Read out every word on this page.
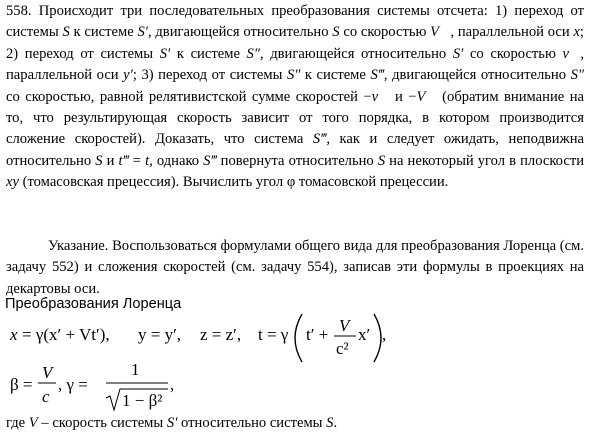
558. Происходит три последовательных преобразования системы отсчета: 1) переход от системы S к системе S′, двигающейся относительно S со скоростью V⃗, параллельной оси x; 2) переход от системы S′ к системе S″, двигающейся относительно S′ со скоростью v⃗, параллельной оси y′; 3) переход от системы S″ к системе S‴, двигающейся относительно S″ со скоростью, равной релятивистской сумме скоростей −v⃗ и −V⃗ (обратим внимание на то, что результирующая скорость зависит от того порядка, в котором производится сложение скоростей). Доказать, что система S‴, как и следует ожидать, неподвижна относительно S и t‴ = t, однако S‴ повернута относительно S на некоторый угол в плоскости xy (томасовская прецессия). Вычислить угол φ томасовской прецессии.

Указание. Воспользоваться формулами общего вида для преобразования Лоренца (см. задачу 552) и сложения скоростей (см. задачу 554), записав эти формулы в проекциях на декартовы оси.

Преобразования Лоренца
x = γ(x′ + Vt′), y = y′, z = z′, t = γ t′ + V
c²
x′ ,
β =
V
c
, γ =
1
1 − β²
,
где V – скорость системы S′ относительно системы S.
